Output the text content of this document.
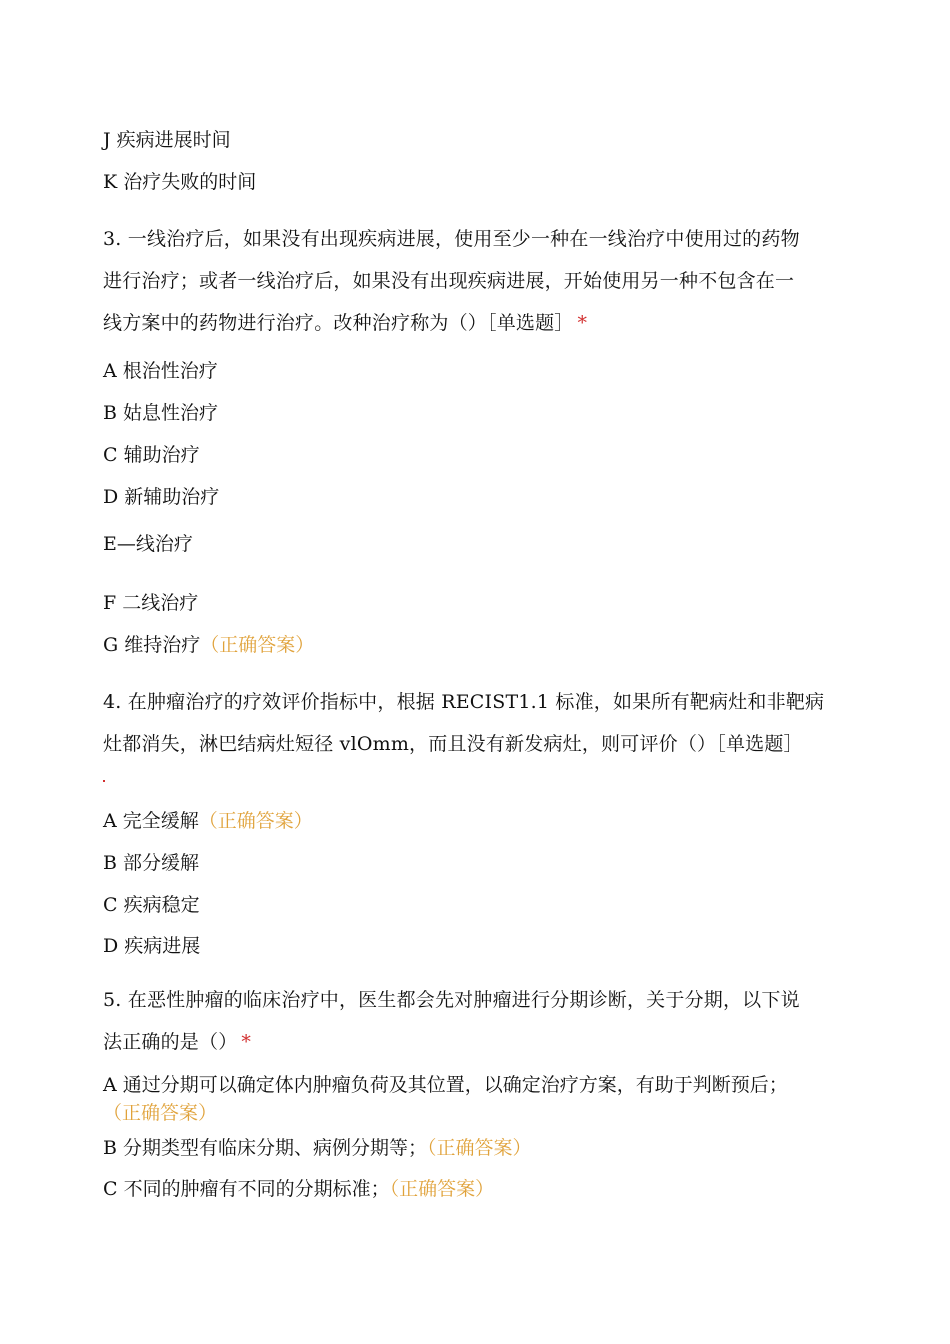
J 疾病进展时间

K 治疗失败的时间

3. 一线治疗后，如果没有出现疾病进展，使用至少一种在一线治疗中使用过的药物

进行治疗；或者一线治疗后，如果没有出现疾病进展，开始使用另一种不包含在一

线方案中的药物进行治疗。改种治疗称为（）［单选题］ *

A 根治性治疗

B 姑息性治疗

C 辅助治疗

D 新辅助治疗

E—线治疗

F 二线治疗

G 维持治疗（正确答案）

4. 在肿瘤治疗的疗效评价指标中，根据 RECIST1.1 标准，如果所有靶病灶和非靶病

灶都消失，淋巴结病灶短径 vlOmm，而且没有新发病灶，则可评价（）［单选题］

A 完全缓解（正确答案）

B 部分缓解

C 疾病稳定

D 疾病进展

5. 在恶性肿瘤的临床治疗中，医生都会先对肿瘤进行分期诊断，关于分期，以下说

法正确的是（） *

A 通过分期可以确定体内肿瘤负荷及其位置，以确定治疗方案，有助于判断预后；

（正确答案）

B 分期类型有临床分期、病例分期等；（正确答案）

C 不同的肿瘤有不同的分期标准；（正确答案）
